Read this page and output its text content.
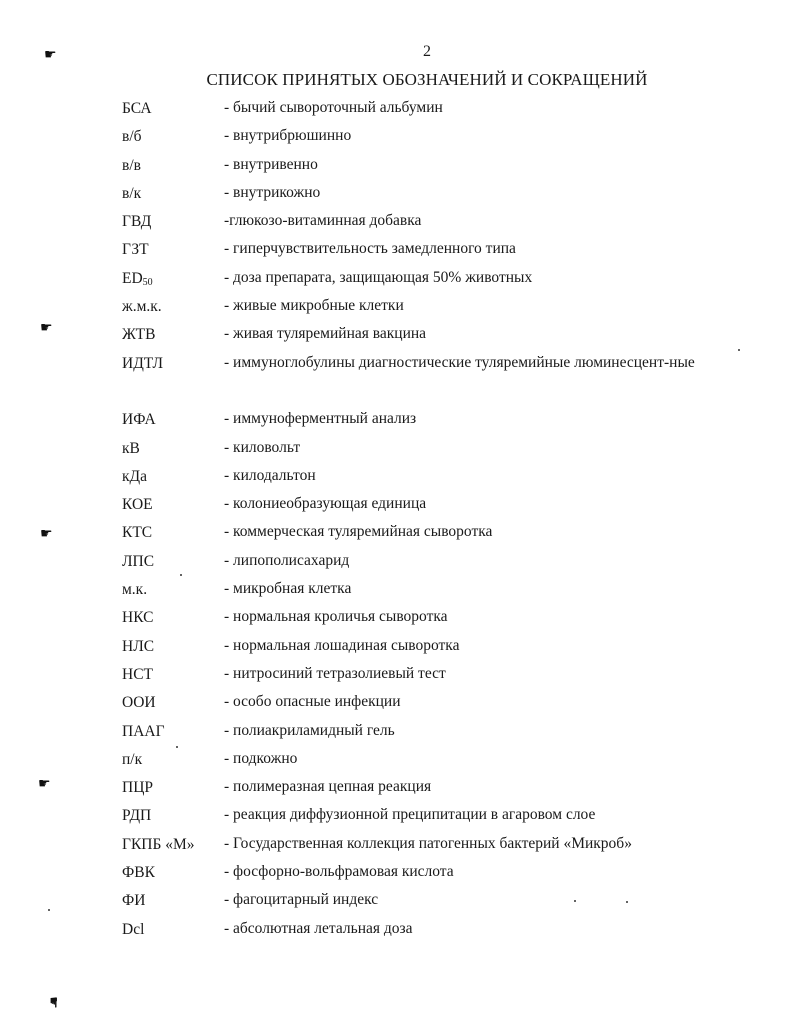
2
СПИСОК ПРИНЯТЫХ ОБОЗНАЧЕНИЙ И СОКРАЩЕНИЙ
БСА	- бычий сывороточный альбумин
в/б	- внутрибрюшинно
в/в	- внутривенно
в/к	- внутрикожно
ГВД	-глюкозо-витаминная добавка
ГЗТ	- гиперчувствительность замедленного типа
$ED_{50}$	- доза препарата, защищающая 50% животных
ж.м.к.	- живые микробные клетки
ЖТВ	- живая туляремийная вакцина
ИДТЛ	- иммуноглобулины диагностические туляремийные люминесцент-ные
ИФА	- иммуноферментный анализ
кВ	- киловольт
кДа	- килодальтон
КОЕ	- колониеобразующая единица
КТС	- коммерческая туляремийная сыворотка
ЛПС	- липополисахарид
м.к.	- микробная клетка
НКС	- нормальная кроличья сыворотка
НЛС	- нормальная лошадиная сыворотка
НСТ	- нитросиний тетразолиевый тест
ООИ	- особо опасные инфекции
ПААГ	- полиакриламидный гель
п/к	- подкожно
ПЦР	- полимеразная цепная реакция
РДП	- реакция диффузионной преципитации в агаровом слое
ГКПБ «М» - Государственная коллекция патогенных бактерий «Микроб»
ФВК	- фосфорно-вольфрамовая кислота
ФИ	- фагоцитарный индекс
Dcl	- абсолютная летальная доза
☛
☛
☛
☛
☛
